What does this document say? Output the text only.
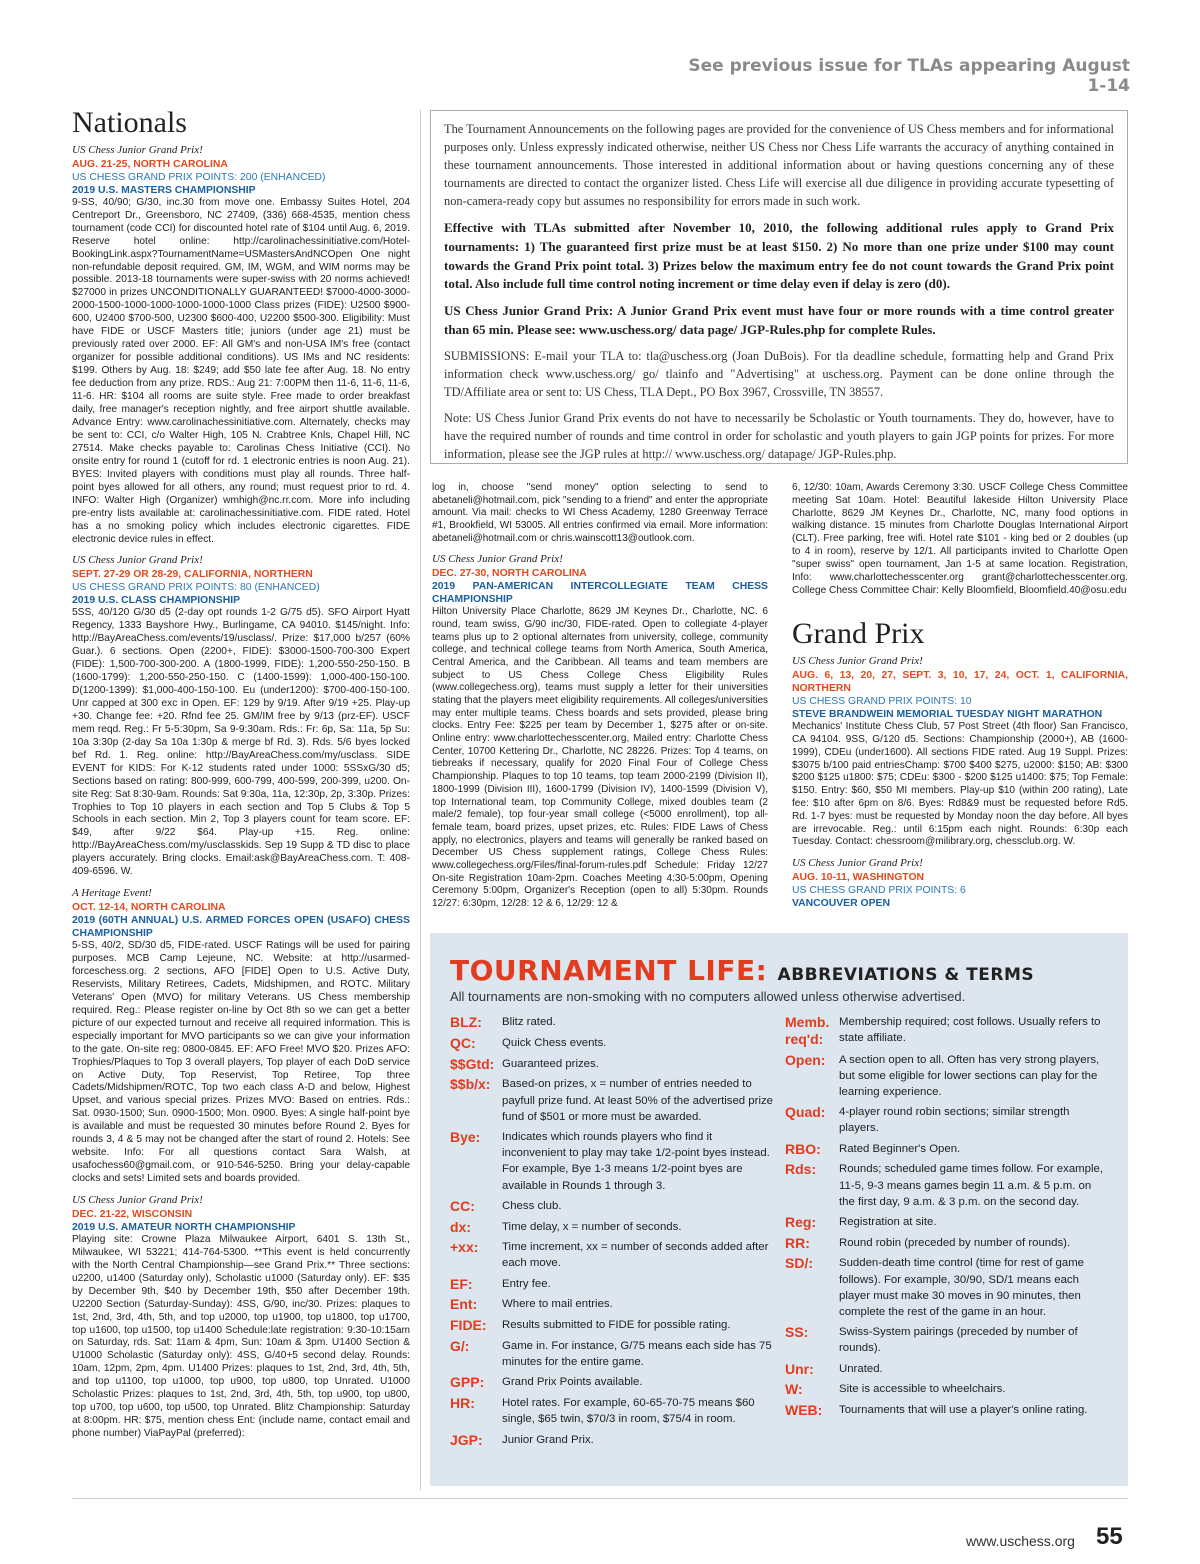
See previous issue for TLAs appearing August 1-14
Nationals
US Chess Junior Grand Prix!
AUG. 21-25, NORTH CAROLINA
US CHESS GRAND PRIX POINTS: 200 (ENHANCED)
2019 U.S. MASTERS CHAMPIONSHIP

9-SS, 40/90; G/30, inc.30 from move one. Embassy Suites Hotel, 204 Centreport Dr., Greensboro, NC 27409, (336) 668-4535, mention chess tournament (code CCI) for discounted hotel rate of $104 until Aug. 6, 2019. Reserve hotel online: http://carolinachessinitiative.com/Hotel-BookingLink.aspx?TournamentName=USMastersAndNCOpen One night non-refundable deposit required. GM, IM, WGM, and WIM norms may be possible. 2013-18 tournaments were super-swiss with 20 norms achieved! $27000 in prizes UNCONDITIONALLY GUARANTEED! $7000-4000-3000-2000-1500-1000-1000-1000-1000-1000 Class prizes (FIDE): U2500 $900-600, U2400 $700-500, U2300 $600-400, U2200 $500-300. Eligibility: Must have FIDE or USCF Masters title; juniors (under age 21) must be previously rated over 2000. EF: All GM's and non-USA IM's free (contact organizer for possible additional conditions). US IMs and NC residents: $199. Others by Aug. 18: $249; add $50 late fee after Aug. 18. No entry fee deduction from any prize. RDS.: Aug 21: 7:00PM then 11-6, 11-6, 11-6, 11-6. HR: $104 all rooms are suite style. Free made to order breakfast daily, free manager's reception nightly, and free airport shuttle available. Advance Entry: www.carolinachessinitiative.com. Alternately, checks may be sent to: CCI, c/o Walter High, 105 N. Crabtree Knls, Chapel Hill, NC 27514. Make checks payable to: Carolinas Chess Initiative (CCI). No onsite entry for round 1 (cutoff for rd. 1 electronic entries is noon Aug. 21). BYES: Invited players with conditions must play all rounds. Three half-point byes allowed for all others, any round; must request prior to rd. 4. INFO: Walter High (Organizer) wmhigh@nc.rr.com. More info including pre-entry lists available at: carolinachessinitiative.com. FIDE rated. Hotel has a no smoking policy which includes electronic cigarettes. FIDE electronic device rules in effect.

US Chess Junior Grand Prix!
SEPT. 27-29 OR 28-29, CALIFORNIA, NORTHERN
US CHESS GRAND PRIX POINTS: 80 (ENHANCED)
2019 U.S. CLASS CHAMPIONSHIP

5SS, 40/120 G/30 d5 (2-day opt rounds 1-2 G/75 d5). SFO Airport Hyatt Regency, 1333 Bayshore Hwy., Burlingame, CA 94010. $145/night. Info: http://BayAreaChess.com/events/19/usclass/. Prize: $17,000 b/257 (60% Guar.). 6 sections. Open (2200+, FIDE): $3000-1500-700-300 Expert (FIDE): 1,500-700-300-200. A (1800-1999, FIDE): 1,200-550-250-150. B (1600-1799): 1,200-550-250-150. C (1400-1599): 1,000-400-150-100. D(1200-1399): $1,000-400-150-100. Eu (under1200): $700-400-150-100. Unr capped at 300 exc in Open. EF: 129 by 9/19. After 9/19 +25. Play-up +30. Change fee: +20. Rfnd fee 25. GM/IM free by 9/13 (prz-EF). USCF mem reqd. Reg.: Fr 5-5:30pm, Sa 9-9:30am. Rds.: Fr: 6p, Sa: 11a, 5p Su: 10a 3:30p (2-day Sa 10a 1:30p & merge bf Rd. 3). Rds. 5/6 byes locked bef Rd. 1. Reg. online: http://BayAreaChess.com/my/usclass. SIDE EVENT for KIDS: For K-12 students rated under 1000: 5SSxG/30 d5; Sections based on rating: 800-999, 600-799, 400-599, 200-399, u200. On-site Reg: Sat 8:30-9am. Rounds: Sat 9:30a, 11a, 12:30p, 2p, 3:30p. Prizes: Trophies to Top 10 players in each section and Top 5 Clubs & Top 5 Schools in each section. Min 2, Top 3 players count for team score. EF: $49, after 9/22 $64. Play-up +15. Reg. online: http://BayAreaChess.com/my/usclasskids. Sep 19 Supp & TD disc to place players accurately. Bring clocks. Email:ask@BayAreaChess.com. T: 408-409-6596. W.

A Heritage Event!
OCT. 12-14, NORTH CAROLINA
2019 (60TH ANNUAL) U.S. ARMED FORCES OPEN (USAFO) CHESS CHAMPIONSHIP

5-SS, 40/2, SD/30 d5, FIDE-rated. USCF Ratings will be used for pairing purposes. MCB Camp Lejeune, NC. Website: at http://usarmed-forceschess.org. 2 sections, AFO [FIDE] Open to U.S. Active Duty, Reservists, Military Retirees, Cadets, Midshipmen, and ROTC. Military Veterans' Open (MVO) for military Veterans. US Chess membership required. Reg.: Please register on-line by Oct 8th so we can get a better picture of our expected turnout and receive all required information. This is especially important for MVO participants so we can give your information to the gate. On-site reg: 0800-0845. EF: AFO Free! MVO $20. Prizes AFO: Trophies/Plaques to Top 3 overall players, Top player of each DoD service on Active Duty, Top Reservist, Top Retiree, Top three Cadets/Midshipmen/ROTC, Top two each class A-D and below, Highest Upset, and various special prizes. Prizes MVO: Based on entries. Rds.: Sat. 0930-1500; Sun. 0900-1500; Mon. 0900. Byes: A single half-point bye is available and must be requested 30 minutes before Round 2. Byes for rounds 3, 4 & 5 may not be changed after the start of round 2. Hotels: See website. Info: For all questions contact Sara Walsh, at usafochess60@gmail.com, or 910-546-5250. Bring your delay-capable clocks and sets! Limited sets and boards provided.

US Chess Junior Grand Prix!
DEC. 21-22, WISCONSIN
2019 U.S. AMATEUR NORTH CHAMPIONSHIP

Playing site: Crowne Plaza Milwaukee Airport, 6401 S. 13th St., Milwaukee, WI 53221; 414-764-5300. **This event is held concurrently with the North Central Championship—see Grand Prix.** Three sections: u2200, u1400 (Saturday only), Scholastic u1000 (Saturday only). EF: $35 by December 9th, $40 by December 19th, $50 after December 19th. U2200 Section (Saturday-Sunday): 4SS, G/90, inc/30. Prizes: plaques to 1st, 2nd, 3rd, 4th, 5th, and top u2000, top u1900, top u1800, top u1700, top u1600, top u1500, top u1400 Schedule:late registration: 9:30-10:15am on Saturday, rds. Sat: 11am & 4pm, Sun: 10am & 3pm. U1400 Section & U1000 Scholastic (Saturday only): 4SS, G/40+5 second delay. Rounds: 10am, 12pm, 2pm, 4pm. U1400 Prizes: plaques to 1st, 2nd, 3rd, 4th, 5th, and top u1100, top u1000, top u900, top u800, top Unrated. U1000 Scholastic Prizes: plaques to 1st, 2nd, 3rd, 4th, 5th, top u900, top u800, top u700, top u600, top u500, top Unrated. Blitz Championship: Saturday at 8:00pm. HR: $75, mention chess Ent: (include name, contact email and phone number) ViaPayPal (preferred):

The Tournament Announcements on the following pages are provided for the convenience of US Chess members and for informational purposes only. Unless expressly indicated otherwise, neither US Chess nor Chess Life warrants the accuracy of anything contained in these tournament announcements. Those interested in additional information about or having questions concerning any of these tournaments are directed to contact the organizer listed. Chess Life will exercise all due diligence in providing accurate typesetting of non-camera-ready copy but assumes no responsibility for errors made in such work.

Effective with TLAs submitted after November 10, 2010, the following additional rules apply to Grand Prix tournaments: 1) The guaranteed first prize must be at least $150. 2) No more than one prize under $100 may count towards the Grand Prix point total. 3) Prizes below the maximum entry fee do not count towards the Grand Prix point total. Also include full time control noting increment or time delay even if delay is zero (d0).

US Chess Junior Grand Prix: A Junior Grand Prix event must have four or more rounds with a time control greater than 65 min. Please see: www.uschess.org/ data page/ JGP-Rules.php for complete Rules.

SUBMISSIONS: E-mail your TLA to: tla@uschess.org (Joan DuBois). For tla deadline schedule, formatting help and Grand Prix information check www.uschess.org/ go/ tlainfo and "Advertising" at uschess.org. Payment can be done online through the TD/Affiliate area or sent to: US Chess, TLA Dept., PO Box 3967, Crossville, TN 38557.

Note: US Chess Junior Grand Prix events do not have to necessarily be Scholastic or Youth tournaments. They do, however, have to have the required number of rounds and time control in order for scholastic and youth players to gain JGP points for prizes. For more information, please see the JGP rules at http:// www.uschess.org/ datapage/ JGP-Rules.php.

log in, choose "send money" option selecting to send to abetaneli@hotmail.com, pick "sending to a friend" and enter the appropriate amount. Via mail: checks to WI Chess Academy, 1280 Greenway Terrace #1, Brookfield, WI 53005. All entries confirmed via email. More information: abetaneli@hotmail.com or chris.wainscott13@outlook.com.

US Chess Junior Grand Prix!
DEC. 27-30, NORTH CAROLINA
2019 PAN-AMERICAN INTERCOLLEGIATE TEAM CHESS CHAMPIONSHIP

Hilton University Place Charlotte, 8629 JM Keynes Dr., Charlotte, NC. 6 round, team swiss, G/90 inc/30, FIDE-rated. Open to collegiate 4-player teams plus up to 2 optional alternates from university, college, community college, and technical college teams from North America, South America, Central America, and the Caribbean. All teams and team members are subject to US Chess College Chess Eligibility Rules (www.collegechess.org), teams must supply a letter for their universities stating that the players meet eligibility requirements. All colleges/universities may enter multiple teams. Chess boards and sets provided, please bring clocks. Entry Fee: $225 per team by December 1, $275 after or on-site. Online entry: www.charlottechesscenter.org, Mailed entry: Charlotte Chess Center, 10700 Kettering Dr., Charlotte, NC 28226. Prizes: Top 4 teams, on tiebreaks if necessary, qualify for 2020 Final Four of College Chess Championship. Plaques to top 10 teams, top team 2000-2199 (Division II), 1800-1999 (Division III), 1600-1799 (Division IV), 1400-1599 (Division V), top International team, top Community College, mixed doubles team (2 male/2 female), top four-year small college (<5000 enrollment), top all-female team, board prizes, upset prizes, etc. Rules: FIDE Laws of Chess apply, no electronics, players and teams will generally be ranked based on December US Chess supplement ratings, College Chess Rules: www.collegechess.org/Files/final-forum-rules.pdf Schedule: Friday 12/27 On-site Registration 10am-2pm. Coaches Meeting 4:30-5:00pm, Opening Ceremony 5:00pm, Organizer's Reception (open to all) 5:30pm. Rounds 12/27: 6:30pm, 12/28: 12 & 6, 12/29: 12 &

6, 12/30: 10am, Awards Ceremony 3:30. USCF College Chess Committee meeting Sat 10am. Hotel: Beautiful lakeside Hilton University Place Charlotte, 8629 JM Keynes Dr., Charlotte, NC, many food options in walking distance. 15 minutes from Charlotte Douglas International Airport (CLT). Free parking, free wifi. Hotel rate $101 - king bed or 2 doubles (up to 4 in room), reserve by 12/1. All participants invited to Charlotte Open "super swiss" open tournament, Jan 1-5 at same location. Registration, Info: www.charlottechesscenter.org grant@charlottechesscenter.org. College Chess Committee Chair: Kelly Bloomfield, Bloomfield.40@osu.edu

Grand Prix
US Chess Junior Grand Prix!
AUG. 6, 13, 20, 27, SEPT. 3, 10, 17, 24, OCT. 1, CALIFORNIA, NORTHERN
US CHESS GRAND PRIX POINTS: 10
STEVE BRANDWEIN MEMORIAL TUESDAY NIGHT MARATHON

Mechanics' Institute Chess Club, 57 Post Street (4th floor) San Francisco, CA 94104. 9SS, G/120 d5. Sections: Championship (2000+), AB (1600-1999), CDEu (under1600). All sections FIDE rated. Aug 19 Suppl. Prizes: $3075 b/100 paid entriesChamp: $700 $400 $275, u2000: $150; AB: $300 $200 $125 u1800: $75; CDEu: $300 - $200 $125 u1400: $75; Top Female: $150. Entry: $60, $50 MI members. Play-up $10 (within 200 rating), Late fee: $10 after 6pm on 8/6. Byes: Rd8&9 must be requested before Rd5. Rd. 1-7 byes: must be requested by Monday noon the day before. All byes are irrevocable. Reg.: until 6:15pm each night. Rounds: 6:30p each Tuesday. Contact: chessroom@milibrary.org, chessclub.org. W.

US Chess Junior Grand Prix!
AUG. 10-11, WASHINGTON
US CHESS GRAND PRIX POINTS: 6
VANCOUVER OPEN
TOURNAMENT LIFE: ABBREVIATIONS & TERMS
All tournaments are non-smoking with no computers allowed unless otherwise advertised.
BLZ:	Blitz rated.
QC:	Quick Chess events.
$$Gtd: Guaranteed prizes.
$$b/x:	Based-on prizes, x = number of entries needed to payfull prize fund. At least 50% of the advertised prize fund of $501 or more must be awarded.
Bye:	Indicates which rounds players who find it inconvenient to play may take 1/2-point byes instead. For example, Bye 1-3 means 1/2-point byes are available in Rounds 1 through 3.
CC:	Chess club.
dx:	Time delay, x = number of seconds.
+xx:	Time increment, xx = number of seconds added after each move.
EF:	Entry fee.
Ent:	Where to mail entries.
FIDE:	Results submitted to FIDE for possible rating.
G/:	Game in. For instance, G/75 means each side has 75 minutes for the entire game.
GPP:	Grand Prix Points available.
HR:	Hotel rates. For example, 60-65-70-75 means $60 single, $65 twin, $70/3 in room, $75/4 in room.
JGP:	Junior Grand Prix.
Memb. req'd:
Membership required; cost follows. Usually refers to state affiliate.
Open:	A section open to all. Often has very strong players, but some eligible for lower sections can play for the learning experience.
Quad:	4-player round robin sections; similar strength players.
RBO:	Rated Beginner's Open.
Rds:	Rounds; scheduled game times follow. For example, 11-5, 9-3 means games begin 11 a.m. & 5 p.m. on the first day, 9 a.m. & 3 p.m. on the second day.
Reg:	Registration at site.
RR:	Round robin (preceded by number of rounds).
SD/:	Sudden-death time control (time for rest of game follows). For example, 30/90, SD/1 means each player must make 30 moves in 90 minutes, then complete the rest of the game in an hour.
SS:	Swiss-System pairings (preceded by number of rounds).
Unr:	Unrated.
W:	Site is accessible to wheelchairs.
WEB:	Tournaments that will use a player's online rating.
www.uschess.org 55
